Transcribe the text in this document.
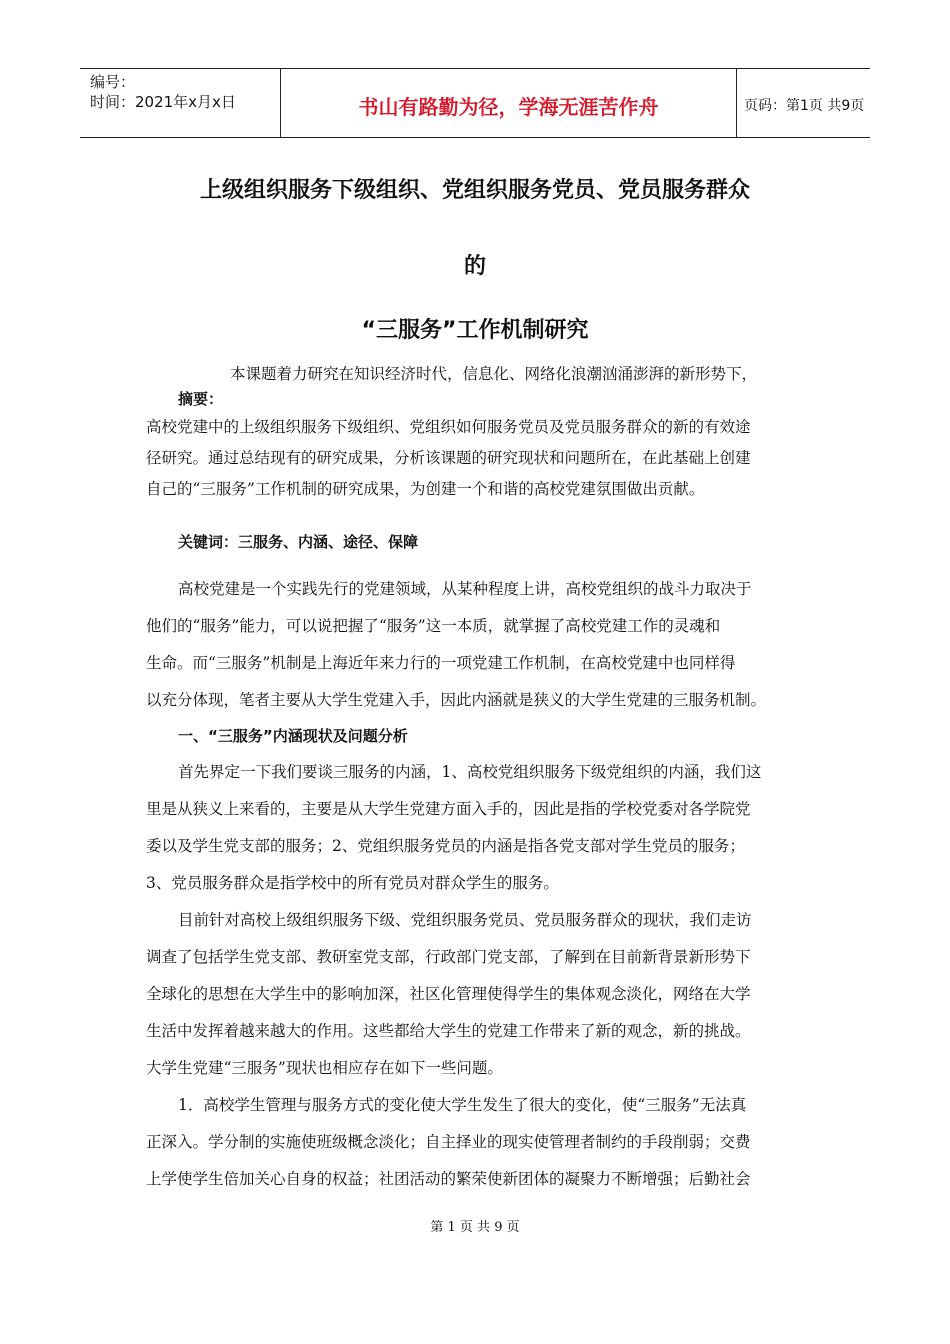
编号：
时间：2021年x月x日	书山有路勤为径，学海无涯苦作舟	页码：第1页 共9页
上级组织服务下级组织、党组织服务党员、党员服务群众
的
“三服务”工作机制研究
本课题着力研究在知识经济时代，信息化、网络化浪潮汹涌澎湃的新形势下，
摘要：
高校党建中的上级组织服务下级组织、党组织如何服务党员及党员服务群众的新的有效途
径研究。通过总结现有的研究成果，分析该课题的研究现状和问题所在，在此基础上创建
自己的“三服务”工作机制的研究成果，为创建一个和谐的高校党建氛围做出贡献。
关键词：三服务、内涵、途径、保障
高校党建是一个实践先行的党建领域，从某种程度上讲，高校党组织的战斗力取决于
他们的“服务”能力，可以说把握了“服务”这一本质，就掌握了高校党建工作的灵魂和
生命。而“三服务”机制是上海近年来力行的一项党建工作机制，在高校党建中也同样得
以充分体现，笔者主要从大学生党建入手，因此内涵就是狭义的大学生党建的三服务机制。
一、“三服务”内涵现状及问题分析
首先界定一下我们要谈三服务的内涵，1、高校党组织服务下级党组织的内涵，我们这
里是从狭义上来看的，主要是从大学生党建方面入手的，因此是指的学校党委对各学院党
委以及学生党支部的服务；2、党组织服务党员的内涵是指各党支部对学生党员的服务；
3、党员服务群众是指学校中的所有党员对群众学生的服务。
目前针对高校上级组织服务下级、党组织服务党员、党员服务群众的现状，我们走访
调查了包括学生党支部、教研室党支部，行政部门党支部，了解到在目前新背景新形势下
全球化的思想在大学生中的影响加深，社区化管理使得学生的集体观念淡化，网络在大学
生活中发挥着越来越大的作用。这些都给大学生的党建工作带来了新的观念，新的挑战。
大学生党建“三服务”现状也相应存在如下一些问题。
1．高校学生管理与服务方式的变化使大学生发生了很大的变化，使“三服务”无法真
正深入。学分制的实施使班级概念淡化；自主择业的现实使管理者制约的手段削弱；交费
上学使学生倍加关心自身的权益；社团活动的繁荣使新团体的凝聚力不断增强；后勤社会
第 1 页 共 9 页
